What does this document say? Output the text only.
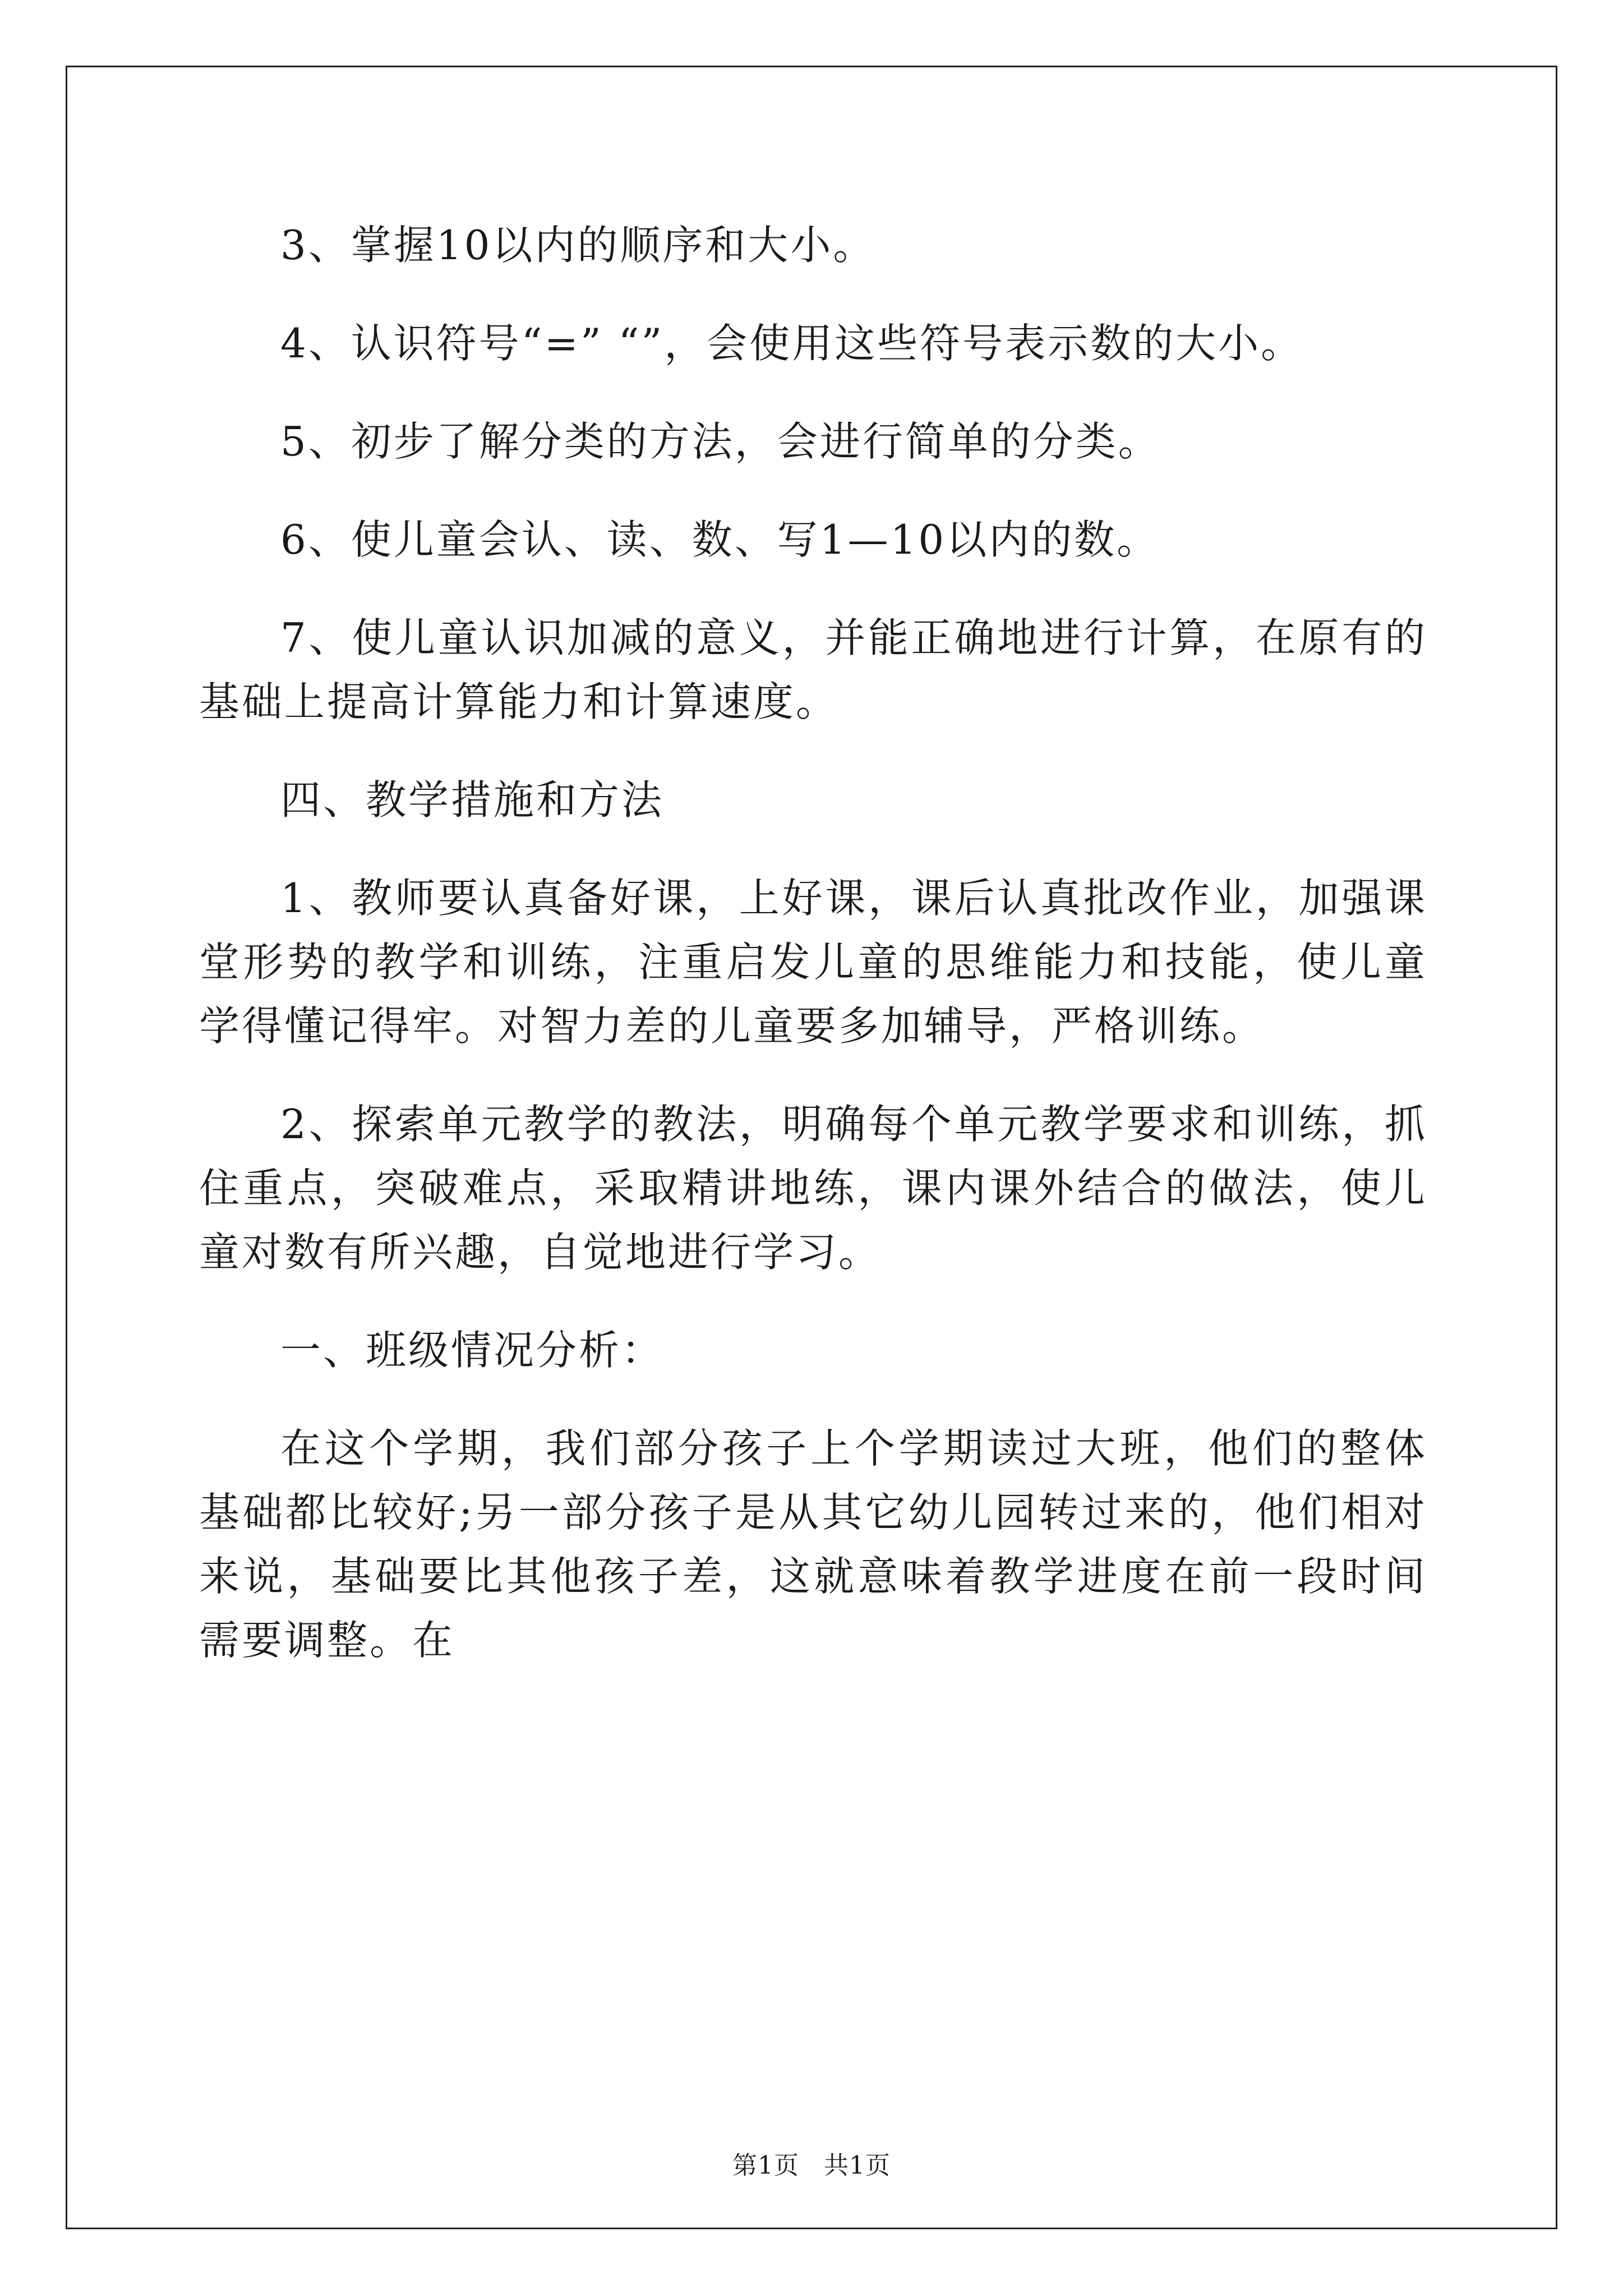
3、掌握10以内的顺序和大小。

4、认识符号“=” “”，会使用这些符号表示数的大小。

5、初步了解分类的方法，会进行简单的分类。

6、使儿童会认、读、数、写1—10以内的数。

7、使儿童认识加减的意义，并能正确地进行计算，在原有的基础上提高计算能力和计算速度。

四、教学措施和方法

1、教师要认真备好课，上好课，课后认真批改作业，加强课堂形势的教学和训练，注重启发儿童的思维能力和技能，使儿童学得懂记得牢。对智力差的儿童要多加辅导，严格训练。

2、探索单元教学的教法，明确每个单元教学要求和训练，抓住重点，突破难点，采取精讲地练，课内课外结合的做法，使儿童对数有所兴趣，自觉地进行学习。

一、班级情况分析：

在这个学期，我们部分孩子上个学期读过大班，他们的整体基础都比较好;另一部分孩子是从其它幼儿园转过来的，他们相对来说，基础要比其他孩子差，这就意味着教学进度在前一段时间需要调整。在

第1页 共1页
